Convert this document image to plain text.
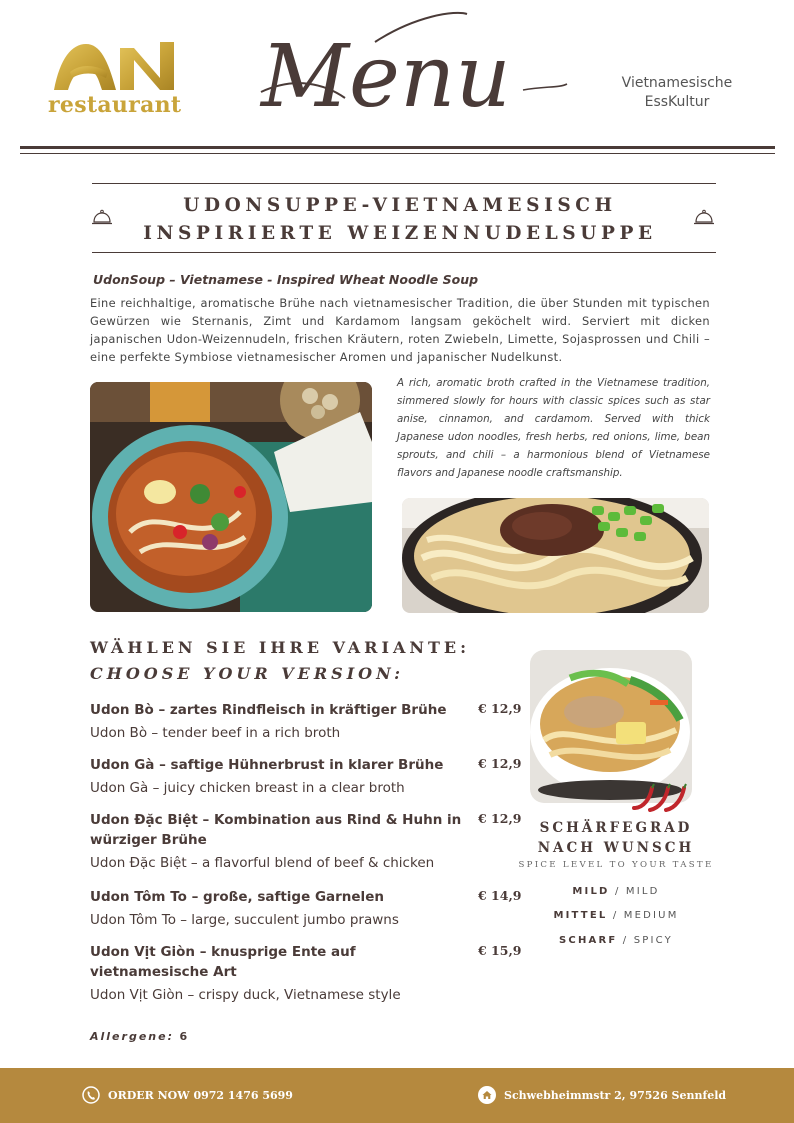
restaurant Menu	Vietnamesische
EssKultur
UDONSUPPE-VIETNAMESISCH
INSPIRIERTE WEIZENNUDELSUPPE
UdonSoup – Vietnamese - Inspired Wheat Noodle Soup
Eine reichhaltige, aromatische Brühe nach vietnamesischer Tradition, die über Stunden mit typischen Gewürzen wie Sternanis, Zimt und Kardamom langsam geköchelt wird. Serviert mit dicken japanischen Udon-Weizennudeln, frischen Kräutern, roten Zwiebeln, Limette, Sojasprossen und Chili – eine perfekte Symbiose vietnamesischer Aromen und japanischer Nudelkunst.
A rich, aromatic broth crafted in the Vietnamese tradition, simmered slowly for hours with classic spices such as star anise, cinnamon, and cardamom. Served with thick Japanese udon noodles, fresh herbs, red onions, lime, bean sprouts, and chili – a harmonious blend of Vietnamese flavors and Japanese noodle craftsmanship.
WÄHLEN SIE IHRE VARIANTE:
CHOOSE YOUR VERSION:
Udon Bò – zartes Rindfleisch in kräftiger Brühe
Udon Bò – tender beef in a rich broth
€ 12,9
Udon Gà – saftige Hühnerbrust in klarer Brühe
Udon Gà – juicy chicken breast in a clear broth
€ 12,9
Udon Đặc Biệt – Kombination aus Rind & Huhn in würziger Brühe
Udon Đặc Biệt – a flavorful blend of beef & chicken
€ 12,9
Udon Tôm To – große, saftige Garnelen
Udon Tôm To – large, succulent jumbo prawns
€ 14,9
Udon Vịt Giòn – knusprige Ente auf vietnamesische Art
Udon Vịt Giòn – crispy duck, Vietnamese style
€ 15,9
Allergene: 6
SCHÄRFEGRAD
NACH WUNSCH
SPICE LEVEL TO YOUR TASTE
MILD / MILD
MITTEL / MEDIUM
SCHARF / SPICY
ORDER NOW 0972 1476 5699	Schwebheimmstr 2, 97526 Sennfeld
